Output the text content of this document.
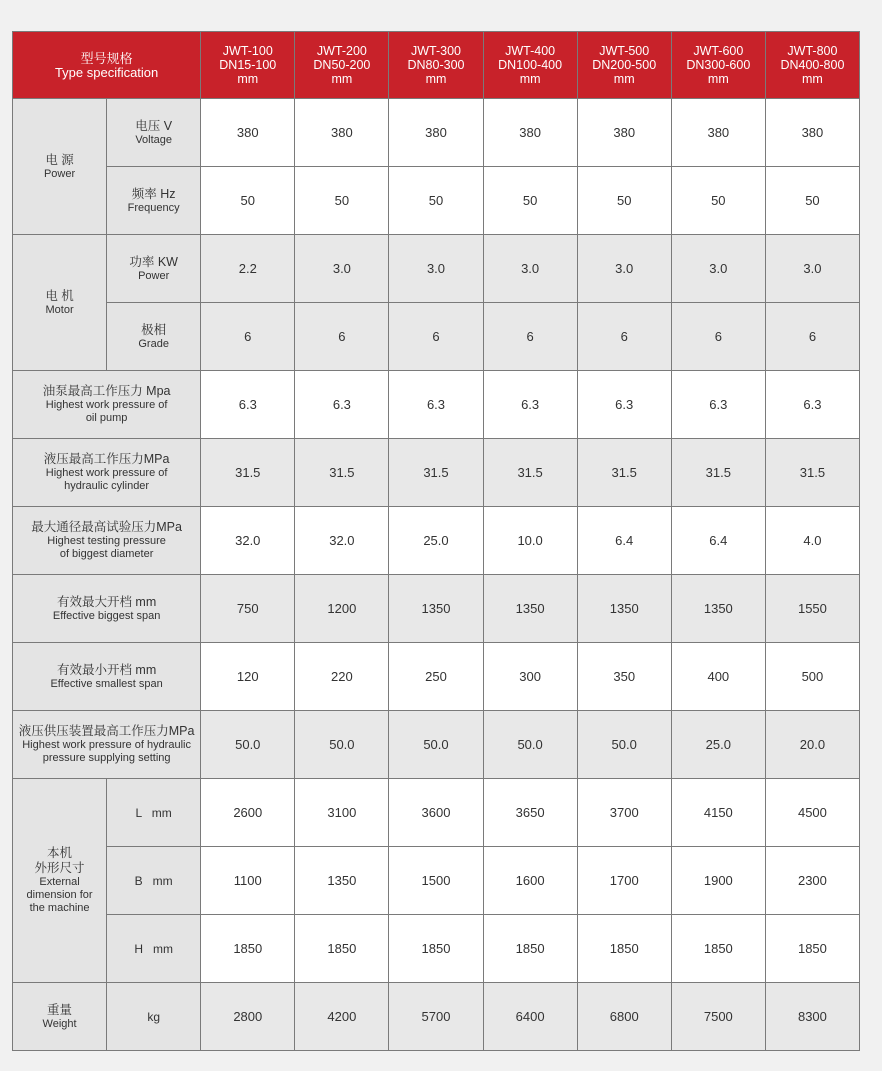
型号规格
Type specification		JWT-100
DN15-100
mm	JWT-200
DN50-200
mm	JWT-300
DN80-300
mm	JWT-400
DN100-400
mm	JWT-500
DN200-500
mm	JWT-600
DN300-600
mm	JWT-800
DN400-800
mm

电 源
Power	电压 V
Voltage	380	380	380	380	380	380	380

	频率 Hz
Frequency	50	50	50	50	50	50	50

电 机
Motor	功率 KW
Power	2.2	3.0	3.0	3.0	3.0	3.0	3.0

	极相
Grade	6	6	6	6	6	6	6

油泵最高工作压力 Mpa
Highest work pressure of
oil pump		6.3	6.3	6.3	6.3	6.3	6.3	6.3

液压最高工作压力MPa
Highest work pressure of
hydraulic cylinder		31.5	31.5	31.5	31.5	31.5	31.5	31.5

最大通径最高试验压力MPa
Highest testing pressure
of biggest diameter		32.0	32.0	25.0	10.0	6.4	6.4	4.0

有效最大开档 mm
Effective biggest span		750	1200	1350	1350	1350	1350	1550

有效最小开档 mm
Effective smallest span		120	220	250	300	350	400	500

液压供压装置最高工作压力MPa
Highest work pressure of hydraulic
pressure supplying setting		50.0	50.0	50.0	50.0	50.0	25.0	20.0

本机
外形尺寸
External
dimension for
the machine	L   mm	2600	3100	3600	3650	3700	4150	4500
	B   mm	1100	1350	1500	1600	1700	1900	2300
	H   mm	1850	1850	1850	1850	1850	1850	1850

重量
Weight	kg	2800	4200	5700	6400	6800	7500	8300
